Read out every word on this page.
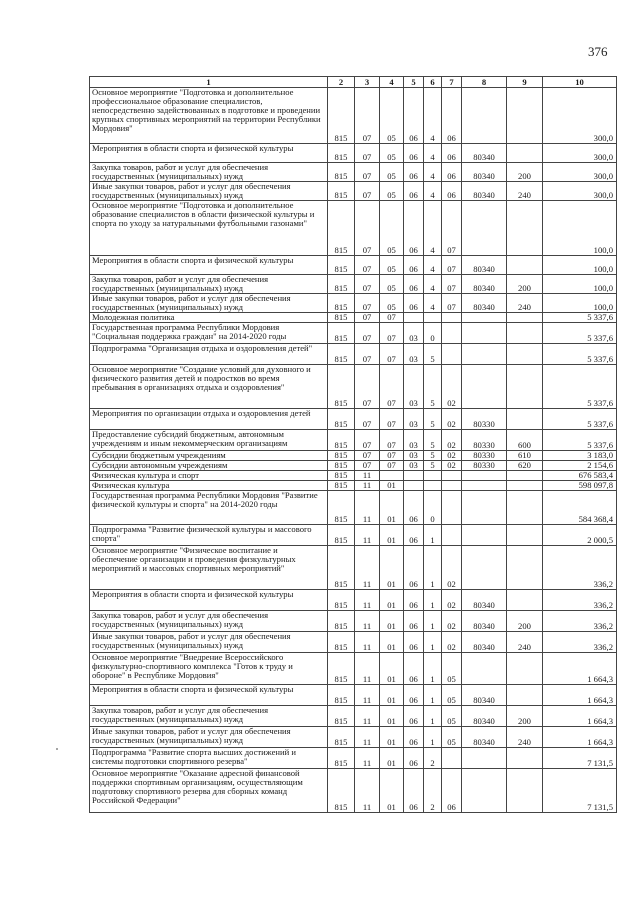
376
1	2	3	4	5	6	7	8	9	10
Основное мероприятие "Подготовка и дополнительное профессиональное образование специалистов, непосредственно задействованных в подготовке и проведении крупных спортивных мероприятий на территории Республики Мордовия"	815	07	05	06	4	06			300,0
Мероприятия в области спорта и физической культуры	815	07	05	06	4	06	80340		300,0
Закупка товаров, работ и услуг для обеспечения государственных (муниципальных) нужд	815	07	05	06	4	06	80340	200	300,0
Иные закупки товаров, работ и услуг для обеспечения государственных (муниципальных) нужд	815	07	05	06	4	06	80340	240	300,0
Основное мероприятие "Подготовка и дополнительное образование специалистов в области физической культуры и спорта по уходу за натуральными футбольными газонами"	815	07	05	06	4	07			100,0
Мероприятия в области спорта и физической культуры	815	07	05	06	4	07	80340		100,0
Закупка товаров, работ и услуг для обеспечения государственных (муниципальных) нужд	815	07	05	06	4	07	80340	200	100,0
Иные закупки товаров, работ и услуг для обеспечения государственных (муниципальных) нужд	815	07	05	06	4	07	80340	240	100,0
Молодежная политика	815	07	07						5 337,6
Государственная программа Республики Мордовия "Социальная поддержка граждан" на 2014-2020 годы	815	07	07	03	0				5 337,6
Подпрограмма "Организация отдыха и оздоровления детей"	815	07	07	03	5				5 337,6
Основное мероприятие "Создание условий для духовного и физического развития детей и подростков во время пребывания в организациях отдыха и оздоровления"	815	07	07	03	5	02			5 337,6
Мероприятия по организации отдыха и оздоровления детей	815	07	07	03	5	02	80330		5 337,6
Предоставление субсидий бюджетным, автономным учреждениям и иным некоммерческим организациям	815	07	07	03	5	02	80330	600	5 337,6
Субсидии бюджетным учреждениям	815	07	07	03	5	02	80330	610	3 183,0
Субсидии автономным учреждениям	815	07	07	03	5	02	80330	620	2 154,6
Физическая культура и спорт	815	11							676 583,4
Физическая культура	815	11	01						598 097,8
Государственная программа Республики Мордовия "Развитие физической культуры и спорта" на 2014-2020 годы	815	11	01	06	0				584 368,4
Подпрограмма "Развитие физической культуры и массового спорта"	815	11	01	06	1				2 000,5
Основное мероприятие "Физическое воспитание и обеспечение организации и проведения физкультурных мероприятий и массовых спортивных мероприятий"	815	11	01	06	1	02			336,2
Мероприятия в области спорта и физической культуры	815	11	01	06	1	02	80340		336,2
Закупка товаров, работ и услуг для обеспечения государственных (муниципальных) нужд	815	11	01	06	1	02	80340	200	336,2
Иные закупки товаров, работ и услуг для обеспечения государственных (муниципальных) нужд	815	11	01	06	1	02	80340	240	336,2
Основное мероприятие "Внедрение Всероссийского физкультурно-спортивного комплекса "Готов к труду и обороне" в Республике Мордовия"	815	11	01	06	1	05			1 664,3
Мероприятия в области спорта и физической культуры	815	11	01	06	1	05	80340		1 664,3
Закупка товаров, работ и услуг для обеспечения государственных (муниципальных) нужд	815	11	01	06	1	05	80340	200	1 664,3
Иные закупки товаров, работ и услуг для обеспечения государственных (муниципальных) нужд	815	11	01	06	1	05	80340	240	1 664,3
Подпрограмма "Развитие спорта высших достижений и системы подготовки спортивного резерва"	815	11	01	06	2				7 131,5
Основное мероприятие "Оказание адресной финансовой поддержки спортивным организациям, осуществляющим подготовку спортивного резерва для сборных команд Российской Федерации"	815	11	01	06	2	06			7 131,5
